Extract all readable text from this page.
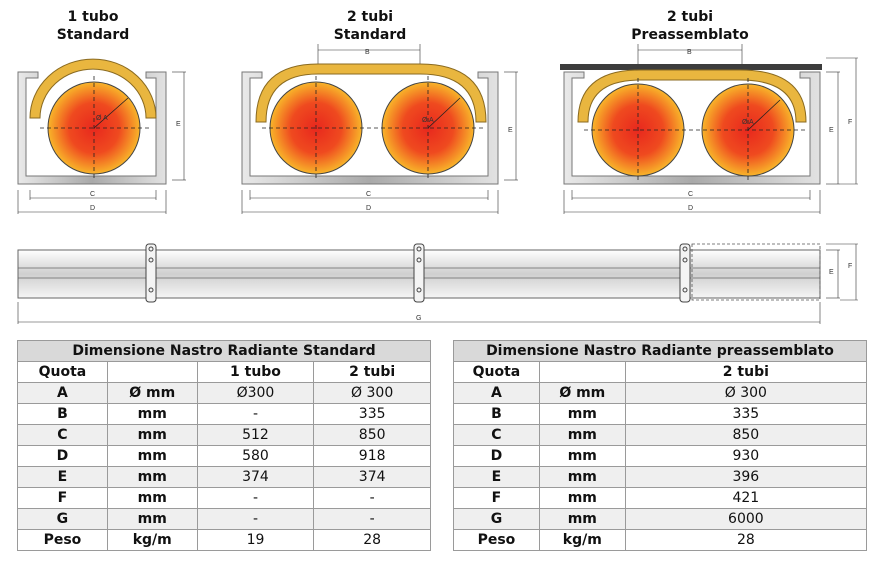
1 tubo
Standard
2 tubi
Standard
2 tubi
Preassemblato
Ø A
E
C
D
B
Ø A
E
C
D
B
Ø A
E
F
C
D
E
F
G
Dimensione Nastro Radiante Standard			
Quota		1 tubo	2 tubi
A	Ø mm	Ø300	Ø 300
B	mm	-	335
C	mm	512	850
D	mm	580	918
E	mm	374	374
F	mm	-	-
G	mm	-	-
Peso	kg/m	19	28
Dimensione Nastro Radiante preassemblato		
Quota		2 tubi
A	Ø mm	Ø 300
B	mm	335
C	mm	850
D	mm	930
E	mm	396
F	mm	421
G	mm	6000
Peso	kg/m	28
